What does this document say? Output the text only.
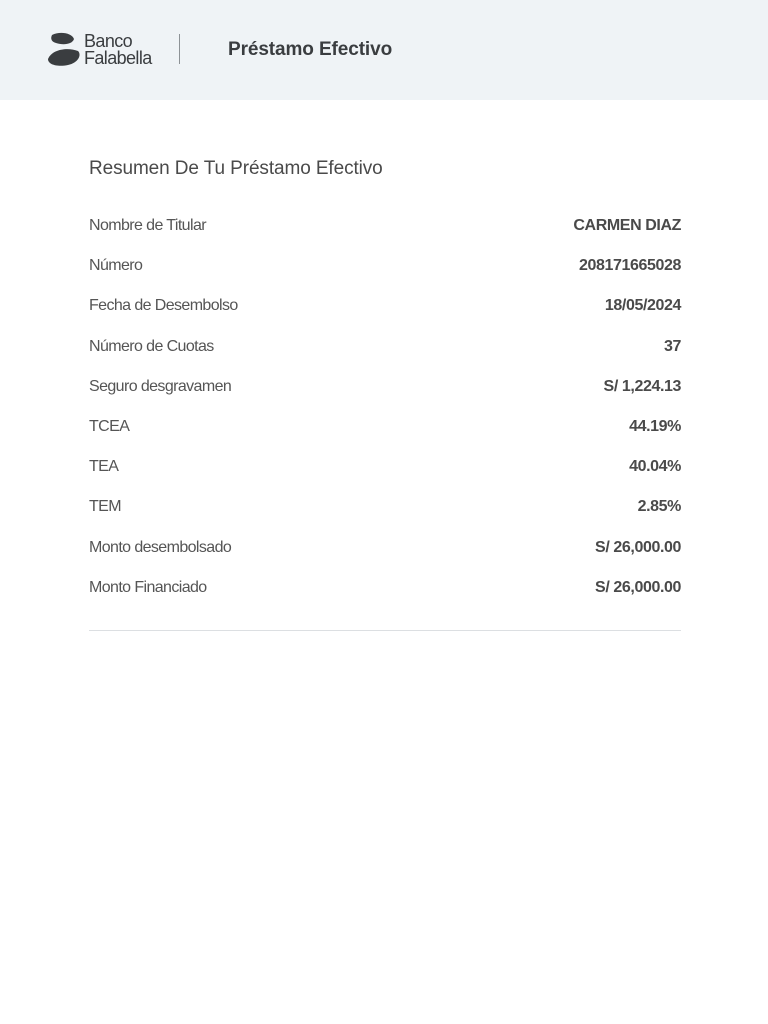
Banco
Falabella	Préstamo Efectivo
Resumen De Tu Préstamo Efectivo
Nombre de Titular	CARMEN DIAZ
Número	208171665028
Fecha de Desembolso	18/05/2024
Número de Cuotas	37
Seguro desgravamen	S/ 1,224.13
TCEA	44.19%
TEA	40.04%
TEM	2.85%
Monto desembolsado	S/ 26,000.00
Monto Financiado	S/ 26,000.00
